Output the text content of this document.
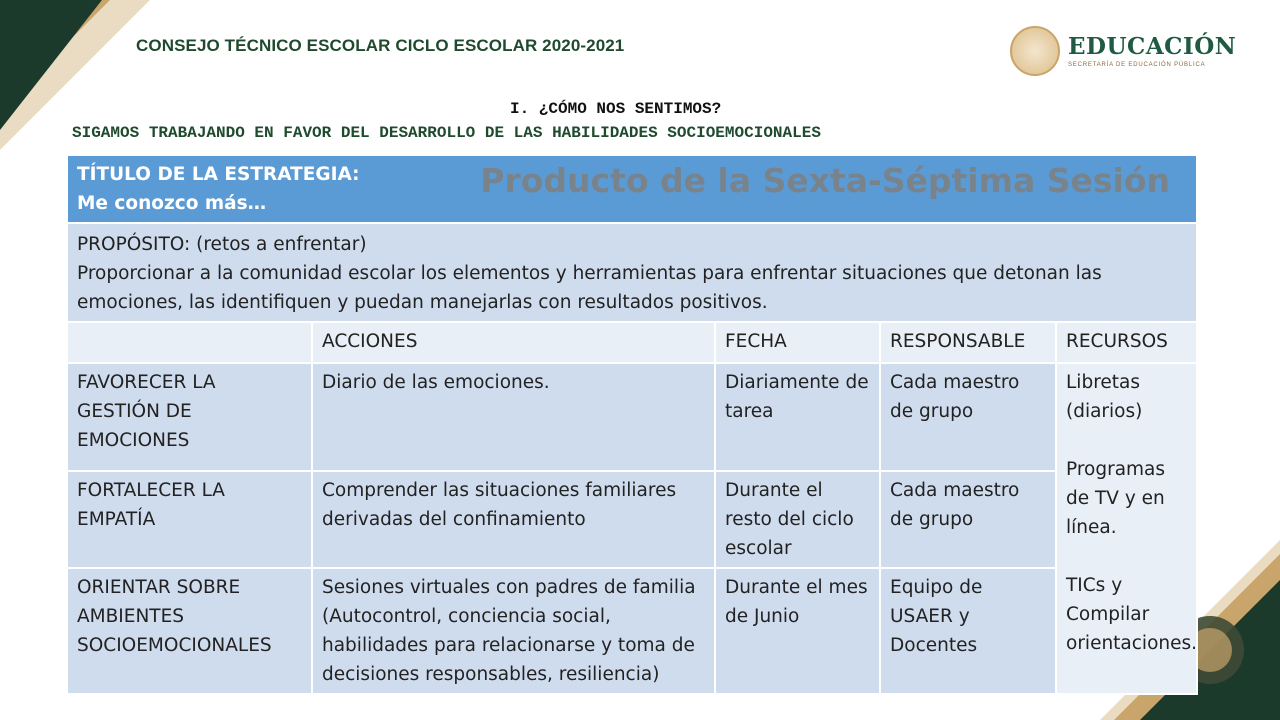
CONSEJO TÉCNICO ESCOLAR CICLO ESCOLAR 2020-2021	EDUCACIÓN
SECRETARÍA DE EDUCACIÓN PÚBLICA
I. ¿CÓMO NOS SENTIMOS?
SIGAMOS TRABAJANDO EN FAVOR DEL DESARROLLO DE LAS HABILIDADES SOCIOEMOCIONALES
TÍTULO DE LA ESTRATEGIA:
Me conozco más…
Producto de la Sexta-Séptima Sesión				

PROPÓSITO: (retos a enfrentar)
Proporcionar a la comunidad escolar los elementos y herramientas para enfrentar situaciones que detonan las emociones, las identifiquen y puedan manejarlas con resultados positivos.				

	ACCIONES	FECHA	RESPONSABLE	RECURSOS
FAVORECER LA GESTIÓN DE EMOCIONES	Diario de las emociones.	Diariamente de tarea	Cada maestro de grupo	Libretas (diarios)
Programas de TV y en línea.
TICs y Compilar orientaciones.

FORTALECER LA EMPATÍA	Comprender las situaciones familiares derivadas del confinamiento	Durante el resto del ciclo escolar	Cada maestro de grupo	
ORIENTAR SOBRE AMBIENTES SOCIOEMOCIONALES	Sesiones virtuales con padres de familia (Autocontrol, conciencia social, habilidades para relacionarse y toma de decisiones responsables, resiliencia)	Durante el mes de Junio	Equipo de USAER y Docentes	
